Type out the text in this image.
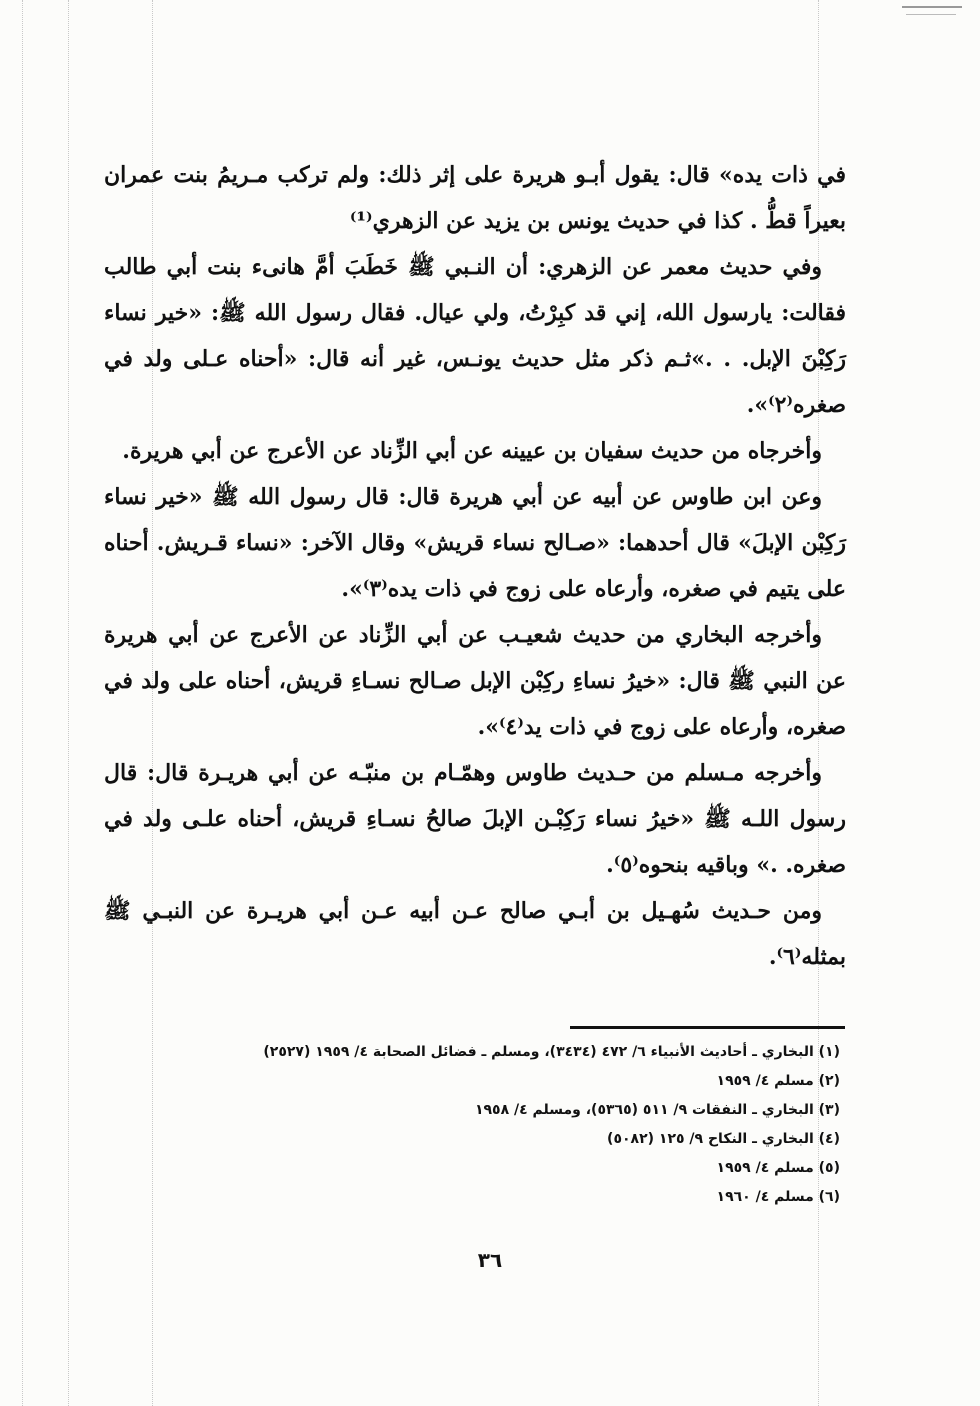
في ذات يده» قال: يقول أبـو هريرة على إثر ذلك: ولم تركب مـريمُ بنت عمران بعيراً قطُّ . كذا في حديث يونس بن يزيد عن الزهري⁽¹⁾

وفي حديث معمر عن الزهري: أن النـبي ﷺ خَطَبَ أمَّ هانىء بنت أبي طالب فقالت: يارسول الله، إني قد كبِرْتُ، ولي عيال. فقال رسول الله ﷺ: «خير نساء رَكِبْنَ الإبل. . .»ثـم ذكر مثل حديث يونـس، غير أنه قال: «أحناه عـلى ولد في صغره⁽٢⁾».

وأخرجاه من حديث سفيان بن عيينه عن أبي الزِّناد عن الأعرج عن أبي هريرة.

وعن ابن طاوس عن أبيه عن أبي هريرة قال: قال رسول الله ﷺ «خير نساء رَكِبْن الإبلَ» قال أحدهما: «صـالح نساء قريش» وقال الآخر: «نساء قـريش. أحناه على يتيم في صغره، وأرعاه على زوج في ذات يده⁽٣⁾».

وأخرجه البخاري من حديث شعيـب عن أبي الزِّناد عن الأعرج عن أبي هريرة عن النبي ﷺ قال: «خيرُ نساءِ ركِبْن الإبل صـالح نسـاءِ قريش، أحناه على ولد في صغره، وأرعاه على زوج في ذات يد⁽٤⁾».

وأخرجه مـسلم من حـديث طاوس وهمّـام بن منبّـه عن أبي هريـرة قال: قال رسول اللـه ﷺ «خيرُ نساء رَكِبْـن الإبلَ صالحُ نسـاءِ قريش، أحناه علـى ولد في صغره. .» وباقيه بنحوه⁽٥⁾.

ومن حـديث سُهـيل بن أبـي صالح عـن أبيه عـن أبي هريـرة عن النبـي ﷺ بمثله⁽٦⁾.

(١) البخاري ـ أحاديث الأنبياء ٦/ ٤٧٢ (٣٤٣٤)، ومسلم ـ فضائل الصحابة ٤/ ١٩٥٩ (٢٥٢٧)
(٢) مسلم ٤/ ١٩٥٩
(٣) البخاري ـ النفقات ٩/ ٥١١ (٥٣٦٥)، ومسلم ٤/ ١٩٥٨
(٤) البخاري ـ النكاح ٩/ ١٢٥ (٥٠٨٢)
(٥) مسلم ٤/ ١٩٥٩
(٦) مسلم ٤/ ١٩٦٠
٣٦
